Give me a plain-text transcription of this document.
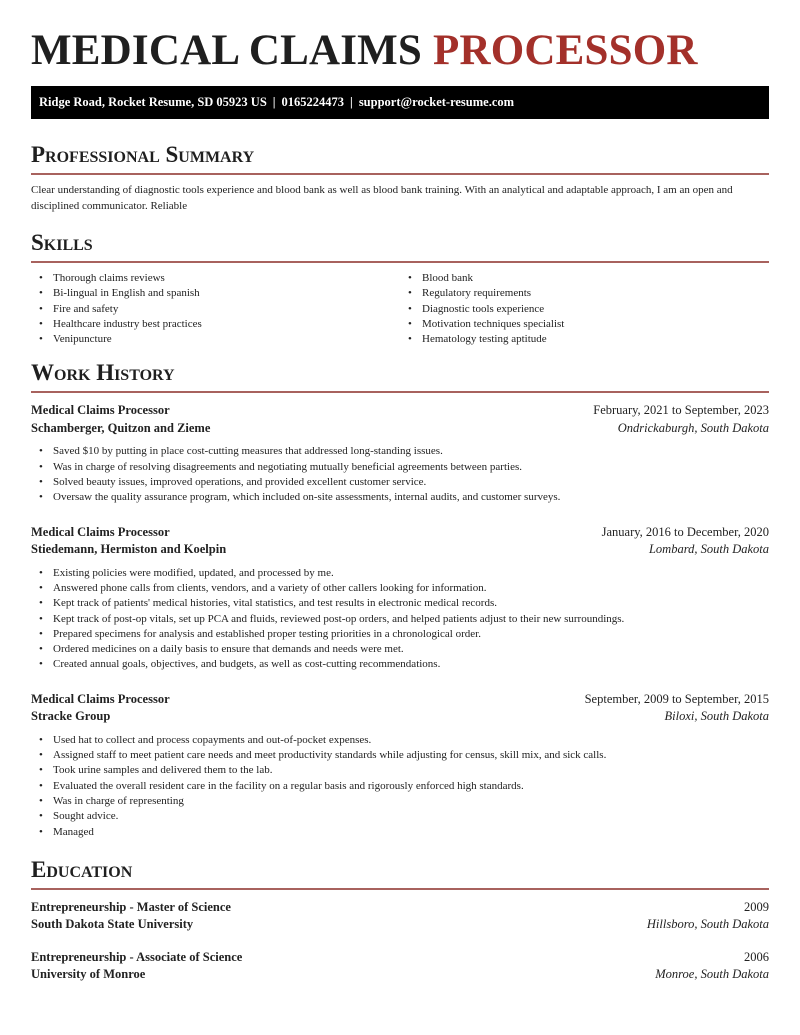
MEDICAL CLAIMS PROCESSOR
Ridge Road, Rocket Resume, SD 05923 US | 0165224473 | support@rocket-resume.com
Professional Summary

Clear understanding of diagnostic tools experience and blood bank as well as blood bank training. With an analytical and adaptable approach, I am an open and disciplined communicator. Reliable

Skills
• Thorough claims reviews
• Bi-lingual in English and spanish
• Fire and safety
• Healthcare industry best practices
• Venipuncture
• Blood bank
• Regulatory requirements
• Diagnostic tools experience
• Motivation techniques specialist
• Hematology testing aptitude
Work History
Medical Claims Processor	February, 2021 to September, 2023
Schamberger, Quitzon and Zieme	Ondrickaburgh, South Dakota
• Saved $10 by putting in place cost-cutting measures that addressed long-standing issues.
• Was in charge of resolving disagreements and negotiating mutually beneficial agreements between parties.
• Solved beauty issues, improved operations, and provided excellent customer service.
• Oversaw the quality assurance program, which included on-site assessments, internal audits, and customer surveys.
Medical Claims Processor	January, 2016 to December, 2020
Stiedemann, Hermiston and Koelpin	Lombard, South Dakota
• Existing policies were modified, updated, and processed by me.
• Answered phone calls from clients, vendors, and a variety of other callers looking for information.
• Kept track of patients' medical histories, vital statistics, and test results in electronic medical records.
• Kept track of post-op vitals, set up PCA and fluids, reviewed post-op orders, and helped patients adjust to their new surroundings.
• Prepared specimens for analysis and established proper testing priorities in a chronological order.
• Ordered medicines on a daily basis to ensure that demands and needs were met.
• Created annual goals, objectives, and budgets, as well as cost-cutting recommendations.
Medical Claims Processor	September, 2009 to September, 2015
Stracke Group	Biloxi, South Dakota
• Used hat to collect and process copayments and out-of-pocket expenses.
• Assigned staff to meet patient care needs and meet productivity standards while adjusting for census, skill mix, and sick calls.
• Took urine samples and delivered them to the lab.
• Evaluated the overall resident care in the facility on a regular basis and rigorously enforced high standards.
• Was in charge of representing
• Sought advice.
• Managed
Education
Entrepreneurship - Master of Science	2009
South Dakota State University	Hillsboro, South Dakota
Entrepreneurship - Associate of Science	2006
University of Monroe	Monroe, South Dakota
